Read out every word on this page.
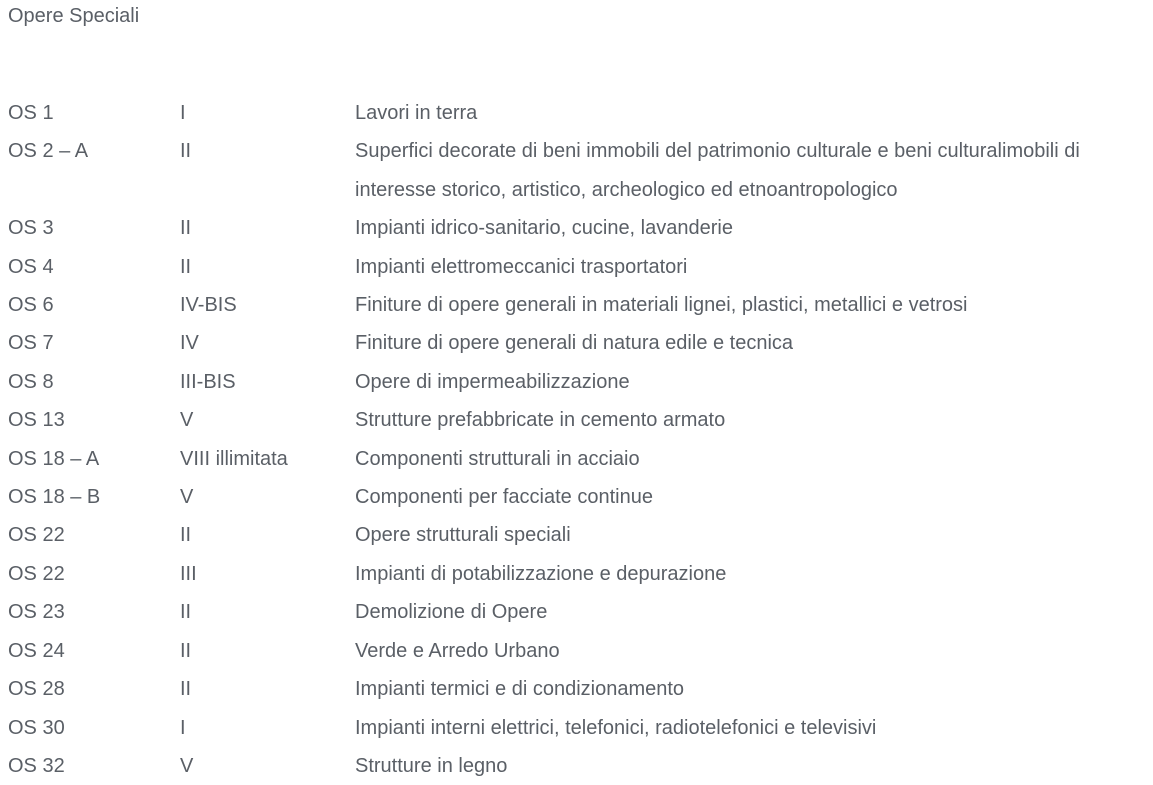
Opere Speciali
OS 1	I	Lavori in terra
OS 2 – A	II	Superfici decorate di beni immobili del patrimonio culturale e beni culturalimobili di interesse storico, artistico, archeologico ed etnoantropologico
OS 3	II	Impianti idrico-sanitario, cucine, lavanderie
OS 4	II	Impianti elettromeccanici trasportatori
OS 6	IV-BIS	Finiture di opere generali in materiali lignei, plastici, metallici e vetrosi
OS 7	IV	Finiture di opere generali di natura edile e tecnica
OS 8	III-BIS	Opere di impermeabilizzazione
OS 13	V	Strutture prefabbricate in cemento armato
OS 18 – A	VIII illimitata	Componenti strutturali in acciaio
OS 18 – B	V	Componenti per facciate continue
OS 22	II	Opere strutturali speciali
OS 22	III	Impianti di potabilizzazione e depurazione
OS 23	II	Demolizione di Opere
OS 24	II	Verde e Arredo Urbano
OS 28	II	Impianti termici e di condizionamento
OS 30	I	Impianti interni elettrici, telefonici, radiotelefonici e televisivi
OS 32	V	Strutture in legno
